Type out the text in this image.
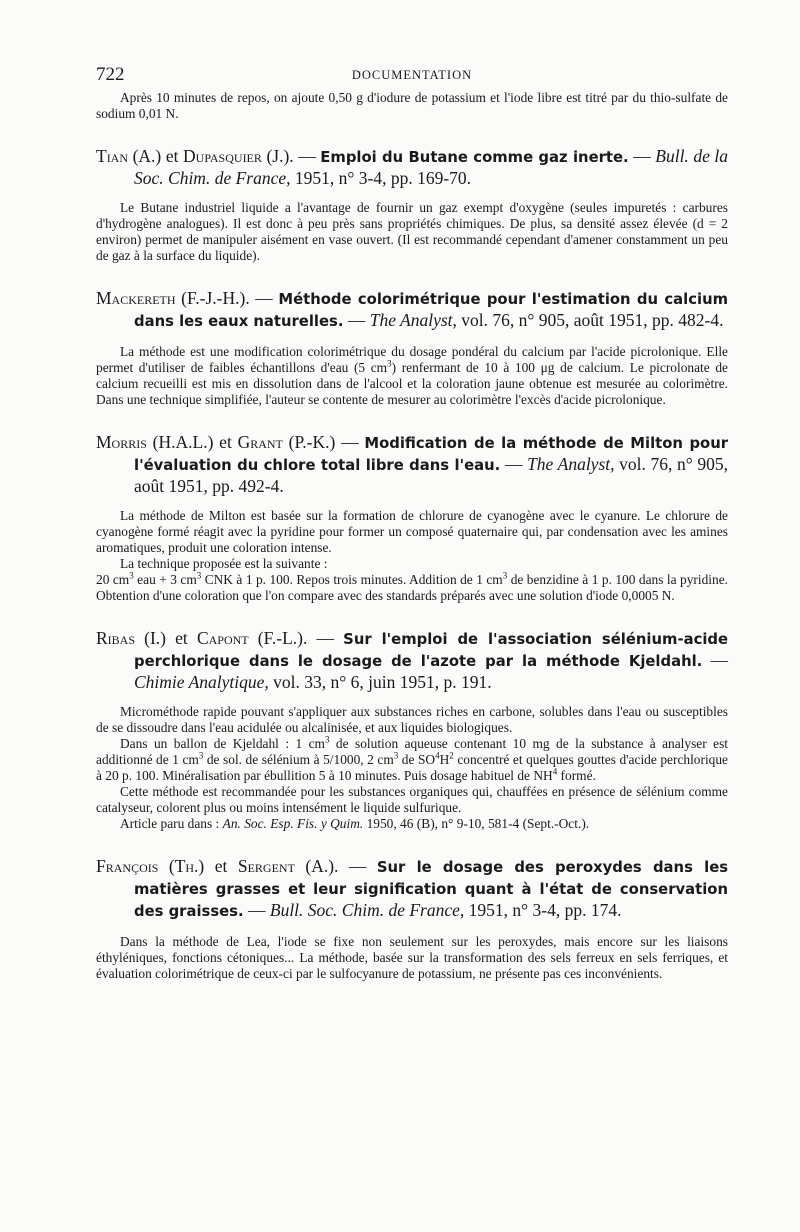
722	DOCUMENTATION

Après 10 minutes de repos, on ajoute 0,50 g d'iodure de potassium et l'iode libre est titré par du thio-sulfate de sodium 0,01 N.

Tian (A.) et Dupasquier (J.). — Emploi du Butane comme gaz inerte. — Bull. de la Soc. Chim. de France, 1951, n° 3-4, pp. 169-70.

Le Butane industriel liquide a l'avantage de fournir un gaz exempt d'oxygène (seules impuretés : carbures d'hydrogène analogues). Il est donc à peu près sans propriétés chimiques. De plus, sa densité assez élevée (d = 2 environ) permet de manipuler aisément en vase ouvert. (Il est recommandé cependant d'amener constamment un peu de gaz à la surface du liquide).

Mackereth (F.-J.-H.). — Méthode colorimétrique pour l'estimation du calcium dans les eaux naturelles. — The Analyst, vol. 76, n° 905, août 1951, pp. 482-4.

La méthode est une modification colorimétrique du dosage pondéral du calcium par l'acide picrolonique. Elle permet d'utiliser de faibles échantillons d'eau (5 $cm^3$) renfermant de 10 à 100 μg de calcium. Le picrolonate de calcium recueilli est mis en dissolution dans de l'alcool et la coloration jaune obtenue est mesurée au colorimètre. Dans une technique simplifiée, l'auteur se contente de mesurer au colorimètre l'excès d'acide picrolonique.

Morris (H.A.L.) et Grant (P.-K.) — Modification de la méthode de Milton pour l'évaluation du chlore total libre dans l'eau. — The Analyst, vol. 76, n° 905, août 1951, pp. 492-4.

La méthode de Milton est basée sur la formation de chlorure de cyanogène avec le cyanure. Le chlorure de cyanogène formé réagit avec la pyridine pour former un composé quaternaire qui, par condensation avec les amines aromatiques, produit une coloration intense.

La technique proposée est la suivante :

20 $cm^3$ eau + 3 $cm^3$ CNK à 1 p. 100. Repos trois minutes. Addition de 1 $cm^3$ de benzidine à 1 p. 100 dans la pyridine. Obtention d'une coloration que l'on compare avec des standards préparés avec une solution d'iode 0,0005 N.

Ribas (I.) et Capont (F.-L.). — Sur l'emploi de l'association sélénium-acide perchlorique dans le dosage de l'azote par la méthode Kjeldahl. — Chimie Analytique, vol. 33, n° 6, juin 1951, p. 191.

Microméthode rapide pouvant s'appliquer aux substances riches en carbone, solubles dans l'eau ou susceptibles de se dissoudre dans l'eau acidulée ou alcalinisée, et aux liquides biologiques.

Dans un ballon de Kjeldahl : 1 $cm^3$ de solution aqueuse contenant 10 mg de la substance à analyser est additionné de 1 $cm^3$ de sol. de sélénium à 5/1000, 2 $cm^3$ de $SO^4H^2$ concentré et quelques gouttes d'acide perchlorique à 20 p. 100. Minéralisation par ébullition 5 à 10 minutes. Puis dosage habituel de $NH^4$ formé.

Cette méthode est recommandée pour les substances organiques qui, chauffées en présence de sélénium comme catalyseur, colorent plus ou moins intensément le liquide sulfurique.

Article paru dans : An. Soc. Esp. Fis. y Quim. 1950, 46 (B), n° 9-10, 581-4 (Sept.-Oct.).

François (Th.) et Sergent (A.). — Sur le dosage des peroxydes dans les matières grasses et leur signification quant à l'état de conservation des graisses. — Bull. Soc. Chim. de France, 1951, n° 3-4, pp. 174.

Dans la méthode de Lea, l'iode se fixe non seulement sur les peroxydes, mais encore sur les liaisons éthyléniques, fonctions cétoniques... La méthode, basée sur la transformation des sels ferreux en sels ferriques, et évaluation colorimétrique de ceux-ci par le sulfocyanure de potassium, ne présente pas ces inconvénients.
